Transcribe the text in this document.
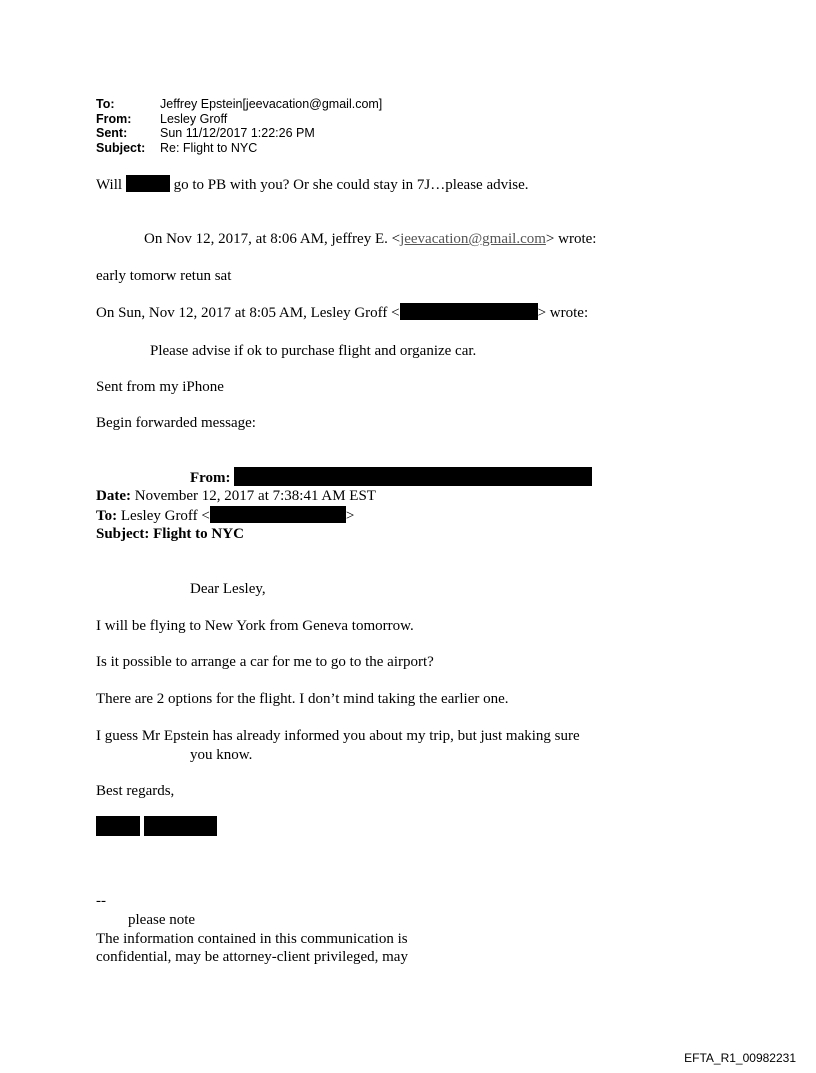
To:	Jeffrey Epstein[jeevacation@gmail.com]
From:	Lesley Groff
Sent:	Sun 11/12/2017 1:22:26 PM
Subject:	Re: Flight to NYC
Will	go to PB with you? Or she could stay in 7J…please advise.
On Nov 12, 2017, at 8:06 AM, jeffrey E. <jeevacation@gmail.com> wrote:
early tomorw retun sat
On Sun, Nov 12, 2017 at 8:05 AM, Lesley Groff <	> wrote:
Please advise if ok to purchase flight and organize car.
Sent from my iPhone
Begin forwarded message:
From:
Date: November 12, 2017 at 7:38:41 AM EST
To: Lesley Groff <	>
Subject: Flight to NYC
Dear Lesley,
I will be flying to New York from Geneva tomorrow.
Is it possible to arrange a car for me to go to the airport?
There are 2 options for the flight. I don’t mind taking the earlier one.
I guess Mr Epstein has already informed you about my trip, but just making sure
you know.
Best regards,
--
please note
The information contained in this communication is
confidential, may be attorney-client privileged, may
EFTA_R1_00982231
